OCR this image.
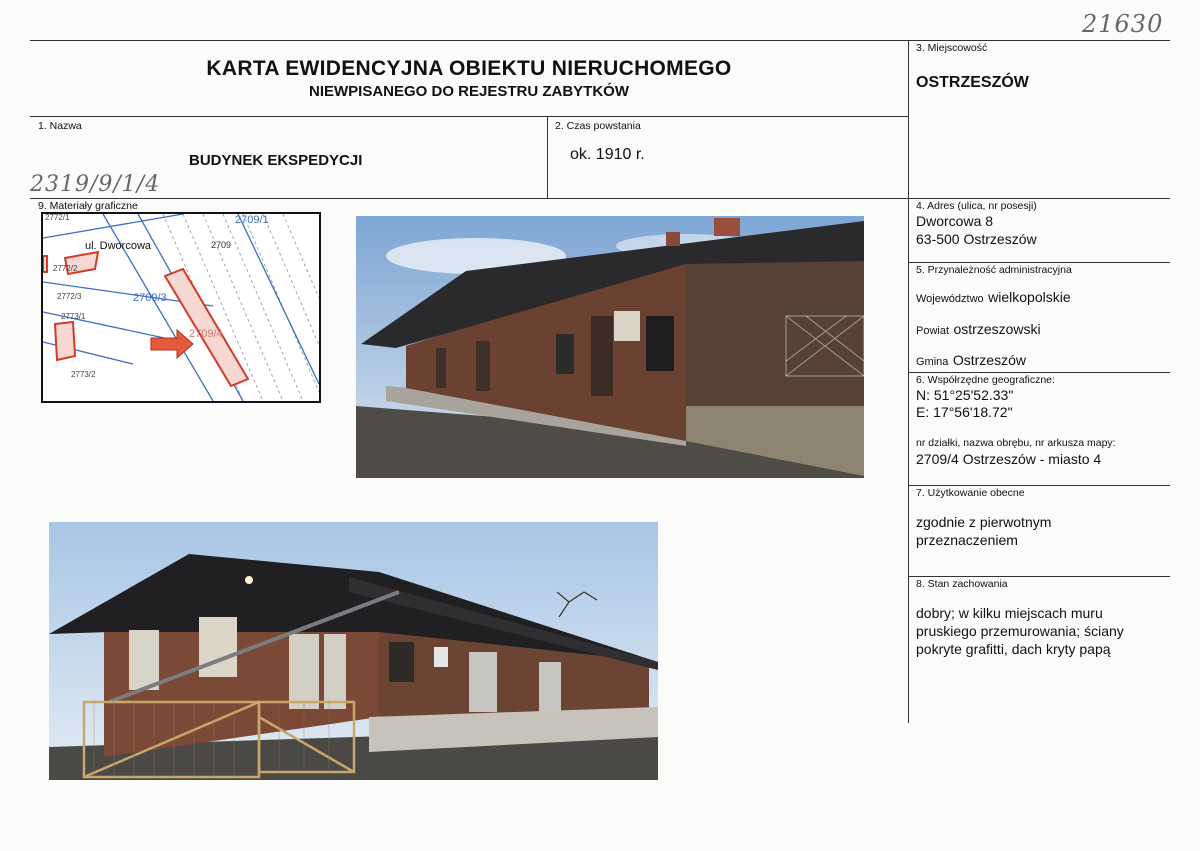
21630
KARTA EWIDENCYJNA OBIEKTU NIERUCHOMEGO
NIEWPISANEGO DO REJESTRU ZABYTKÓW
3. Miejscowość
OSTRZESZÓW
1. Nazwa
BUDYNEK EKSPEDYCJI
2. Czas powstania
ok. 1910 r.
2319/9/1/4
9. Materiały graficzne	4. Adres (ulica, nr posesji)
Dworcowa 8
63-500 Ostrzeszów
5. Przynależność administracyjna
Województwo wielkopolskie
Powiat ostrzeszowski
Gmina Ostrzeszów
6. Współrzędne geograficzne:
N: 51°25'52.33"
E: 17°56'18.72"
nr działki, nazwa obrębu, nr arkusza mapy:
2709/4 Ostrzeszów - miasto 4
7. Użytkowanie obecne
zgodnie z pierwotnym
przeznaczeniem
8. Stan zachowania
dobry; w kilku miejscach muru
pruskiego przemurowania; ściany
pokryte grafitti, dach kryty papą
ul. Dworcowa
2709/1
2709
2709/3
2709/4
2772/2
2772/3
2773/1
2773/2
2772/1
